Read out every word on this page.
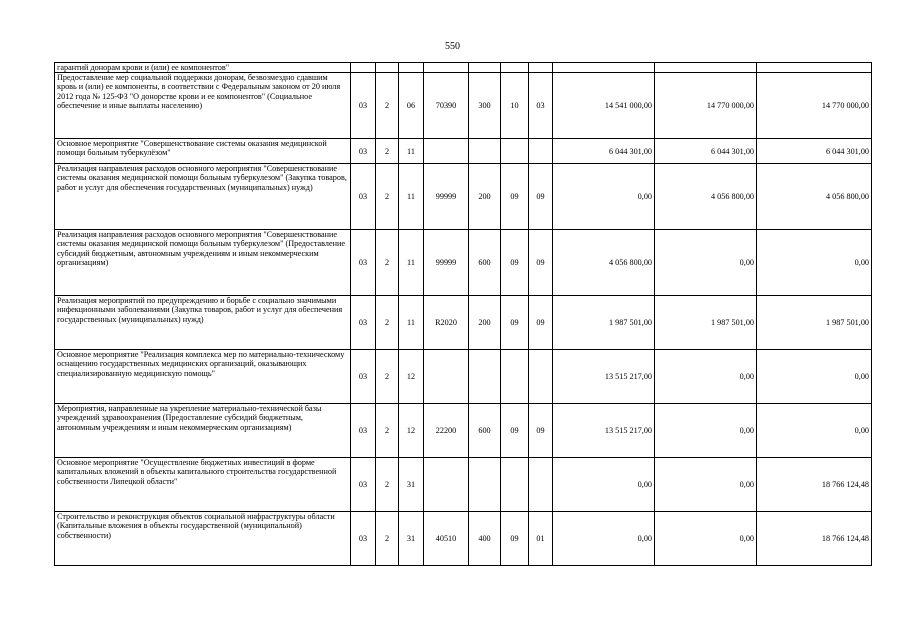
550
гарантий донорам крови и (или) ее компонентов"										
Предоставление мер социальной поддержки донорам, безвозмездно сдавшим кровь и (или) ее компоненты, в соответствии с Федеральным законом от 20 июля 2012 года № 125-ФЗ "О донорстве крови и ее компонентов" (Социальное обеспечение и иные выплаты населению)	03	2	06	70390	300	10	03	14 541 000,00	14 770 000,00	14 770 000,00
Основное мероприятие "Совершенствование системы оказания медицинской помощи больным туберкулёзом"	03	2	11					6 044 301,00	6 044 301,00	6 044 301,00
Реализация направления расходов основного мероприятия "Совершенствование системы оказания медицинской помощи больным туберкулезом" (Закупка товаров, работ и услуг для обеспечения государственных (муниципальных) нужд)	03	2	11	99999	200	09	09	0,00	4 056 800,00	4 056 800,00
Реализация направления расходов основного мероприятия "Совершенствование системы оказания медицинской помощи больным туберкулезом" (Предоставление субсидий бюджетным, автономным учреждениям и иным некоммерческим организациям)	03	2	11	99999	600	09	09	4 056 800,00	0,00	0,00
Реализация мероприятий по предупреждению и борьбе с социально значимыми инфекционными заболеваниями (Закупка товаров, работ и услуг для обеспечения государственных (муниципальных) нужд)	03	2	11	R2020	200	09	09	1 987 501,00	1 987 501,00	1 987 501,00
Основное мероприятие "Реализация комплекса мер по материально-техническому оснащению государственных медицинских организаций, оказывающих специализированную медицинскую помощь"	03	2	12					13 515 217,00	0,00	0,00
Мероприятия, направленные на укрепление материально-технической базы учреждений здравоохранения (Предоставление субсидий бюджетным, автономным учреждениям и иным некоммерческим организациям)	03	2	12	22200	600	09	09	13 515 217,00	0,00	0,00
Основное мероприятие "Осуществление бюджетных инвестиций в форме капитальных вложений в объекты капитального строительства государственной собственности Липецкой области"	03	2	31					0,00	0,00	18 766 124,48
Строительство и реконструкция объектов социальной инфраструктуры области (Капитальные вложения в объекты государственной (муниципальной) собственности)	03	2	31	40510	400	09	01	0,00	0,00	18 766 124,48
